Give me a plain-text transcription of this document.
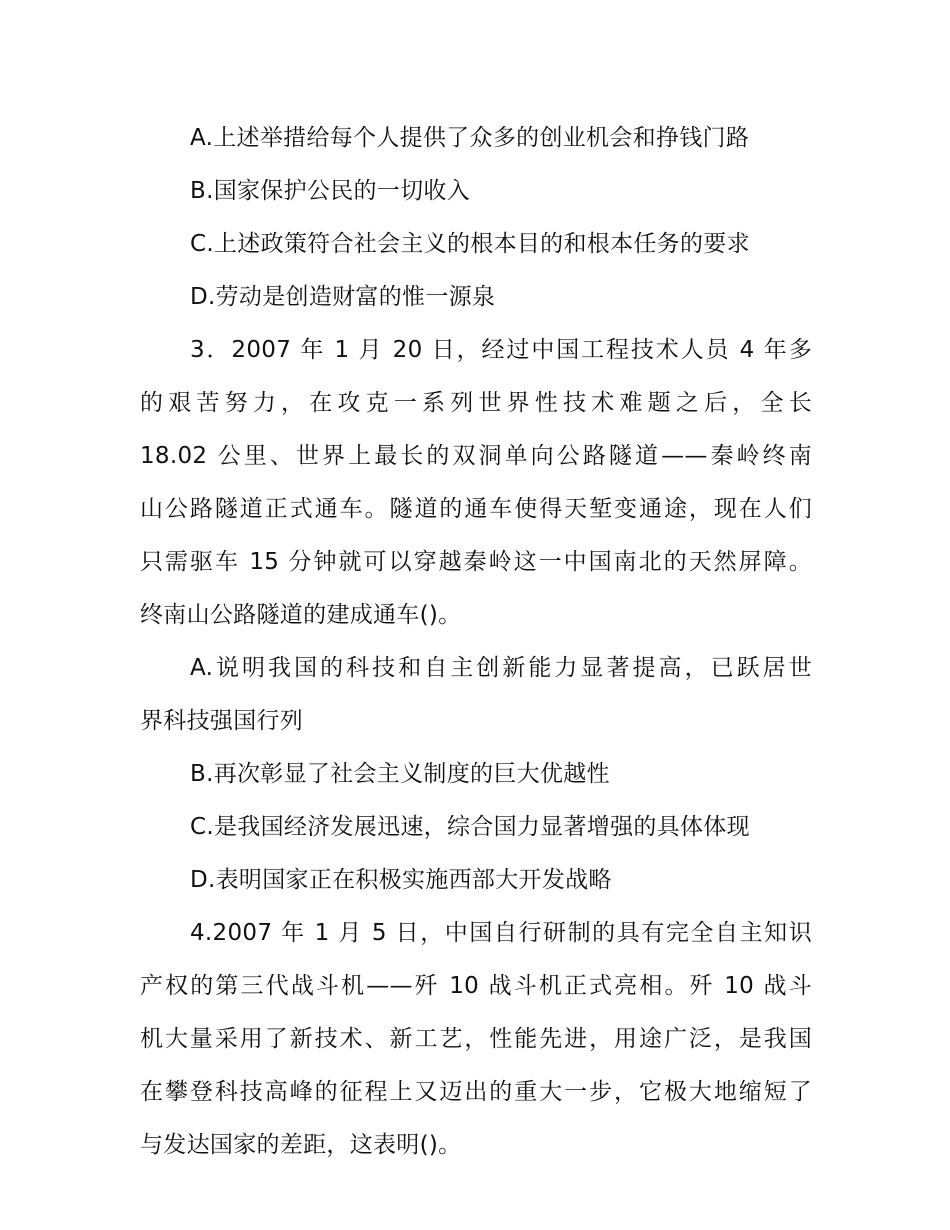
A.上述举措给每个人提供了众多的创业机会和挣钱门路

B.国家保护公民的一切收入

C.上述政策符合社会主义的根本目的和根本任务的要求

D.劳动是创造财富的惟一源泉

3．2007 年 1 月 20 日，经过中国工程技术人员 4 年多

的艰苦努力，在攻克一系列世界性技术难题之后，全长

18.02 公里、世界上最长的双洞单向公路隧道——秦岭终南

山公路隧道正式通车。隧道的通车使得天堑变通途，现在人们

只需驱车 15 分钟就可以穿越秦岭这一中国南北的天然屏障。

终南山公路隧道的建成通车()。

A.说明我国的科技和自主创新能力显著提高，已跃居世

界科技强国行列

B.再次彰显了社会主义制度的巨大优越性

C.是我国经济发展迅速，综合国力显著增强的具体体现

D.表明国家正在积极实施西部大开发战略

4.2007 年 1 月 5 日，中国自行研制的具有完全自主知识

产权的第三代战斗机——歼 10 战斗机正式亮相。歼 10 战斗

机大量采用了新技术、新工艺，性能先进，用途广泛，是我国

在攀登科技高峰的征程上又迈出的重大一步，它极大地缩短了

与发达国家的差距，这表明()。
